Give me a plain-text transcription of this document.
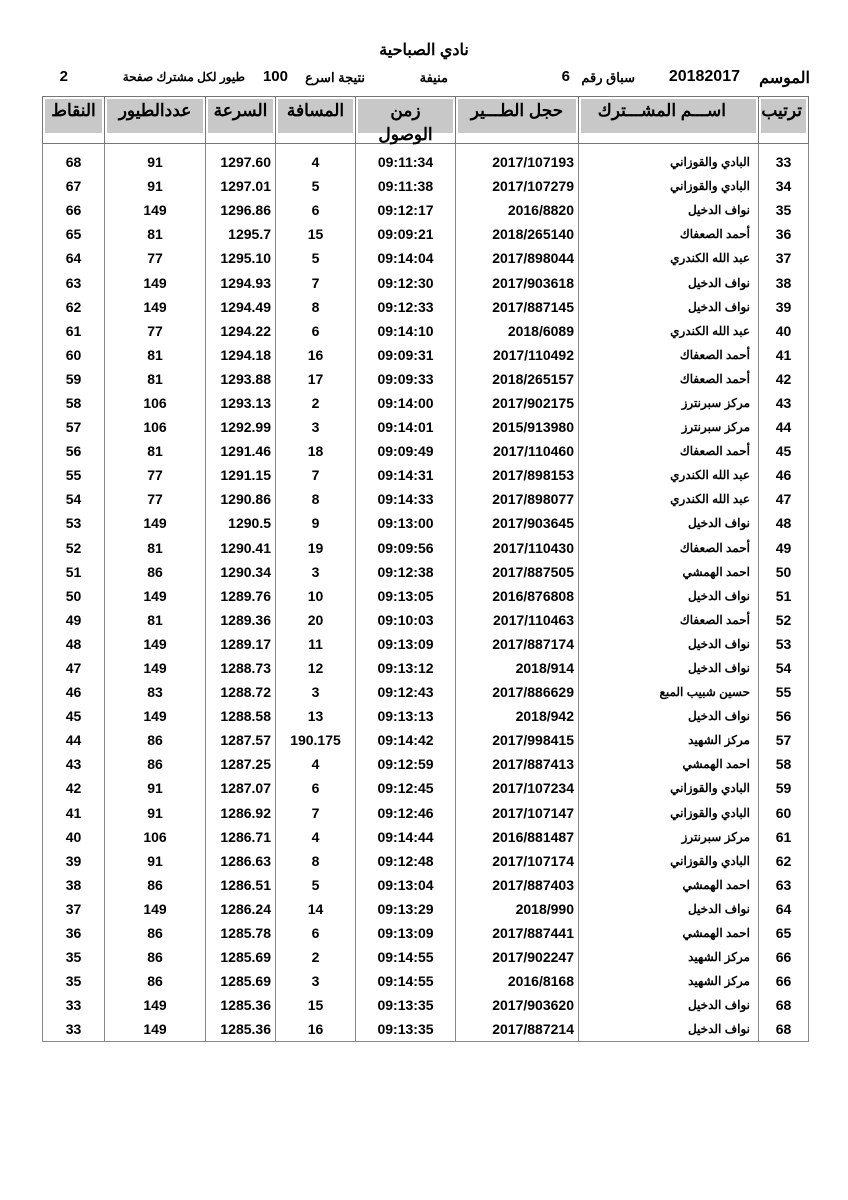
نادي الصباحية
الموسم
20182017
سباق رقم
6
منيفة
نتيجة اسرع
100
طيور لكل مشترك صفحة
2
ترتيب	اســـم المشـــترك	حجل الطـــير	زمن الوصول	المسافة	السرعة	عددالطيور	النقاط

33	البادي والقوزاني	2017/107193	09:11:34	4	1297.60	91	68
34	البادي والقوزاني	2017/107279	09:11:38	5	1297.01	91	67
35	نواف الدخيل	2016/8820	09:12:17	6	1296.86	149	66
36	أحمد الصعفاك	2018/265140	09:09:21	15	1295.7	81	65
37	عبد الله الكندري	2017/898044	09:14:04	5	1295.10	77	64
38	نواف الدخيل	2017/903618	09:12:30	7	1294.93	149	63
39	نواف الدخيل	2017/887145	09:12:33	8	1294.49	149	62
40	عبد الله الكندري	2018/6089	09:14:10	6	1294.22	77	61
41	أحمد الصعفاك	2017/110492	09:09:31	16	1294.18	81	60
42	أحمد الصعفاك	2018/265157	09:09:33	17	1293.88	81	59
43	مركز سبرنترز	2017/902175	09:14:00	2	1293.13	106	58
44	مركز سبرنترز	2015/913980	09:14:01	3	1292.99	106	57
45	أحمد الصعفاك	2017/110460	09:09:49	18	1291.46	81	56
46	عبد الله الكندري	2017/898153	09:14:31	7	1291.15	77	55
47	عبد الله الكندري	2017/898077	09:14:33	8	1290.86	77	54
48	نواف الدخيل	2017/903645	09:13:00	9	1290.5	149	53
49	أحمد الصعفاك	2017/110430	09:09:56	19	1290.41	81	52
50	احمد الهمشي	2017/887505	09:12:38	3	1290.34	86	51
51	نواف الدخيل	2016/876808	09:13:05	10	1289.76	149	50
52	أحمد الصعفاك	2017/110463	09:10:03	20	1289.36	81	49
53	نواف الدخيل	2017/887174	09:13:09	11	1289.17	149	48
54	نواف الدخيل	2018/914	09:13:12	12	1288.73	149	47
55	حسين شبيب المبع	2017/886629	09:12:43	3	1288.72	83	46
56	نواف الدخيل	2018/942	09:13:13	13	1288.58	149	45
57	مركز الشهيد	2017/998415	09:14:42	190.175	1287.57	86	44
58	احمد الهمشي	2017/887413	09:12:59	4	1287.25	86	43
59	البادي والقوزاني	2017/107234	09:12:45	6	1287.07	91	42
60	البادي والقوزاني	2017/107147	09:12:46	7	1286.92	91	41
61	مركز سبرنترز	2016/881487	09:14:44	4	1286.71	106	40
62	البادي والقوزاني	2017/107174	09:12:48	8	1286.63	91	39
63	احمد الهمشي	2017/887403	09:13:04	5	1286.51	86	38
64	نواف الدخيل	2018/990	09:13:29	14	1286.24	149	37
65	احمد الهمشي	2017/887441	09:13:09	6	1285.78	86	36
66	مركز الشهيد	2017/902247	09:14:55	2	1285.69	86	35
66	مركز الشهيد	2016/8168	09:14:55	3	1285.69	86	35
68	نواف الدخيل	2017/903620	09:13:35	15	1285.36	149	33
68	نواف الدخيل	2017/887214	09:13:35	16	1285.36	149	33
